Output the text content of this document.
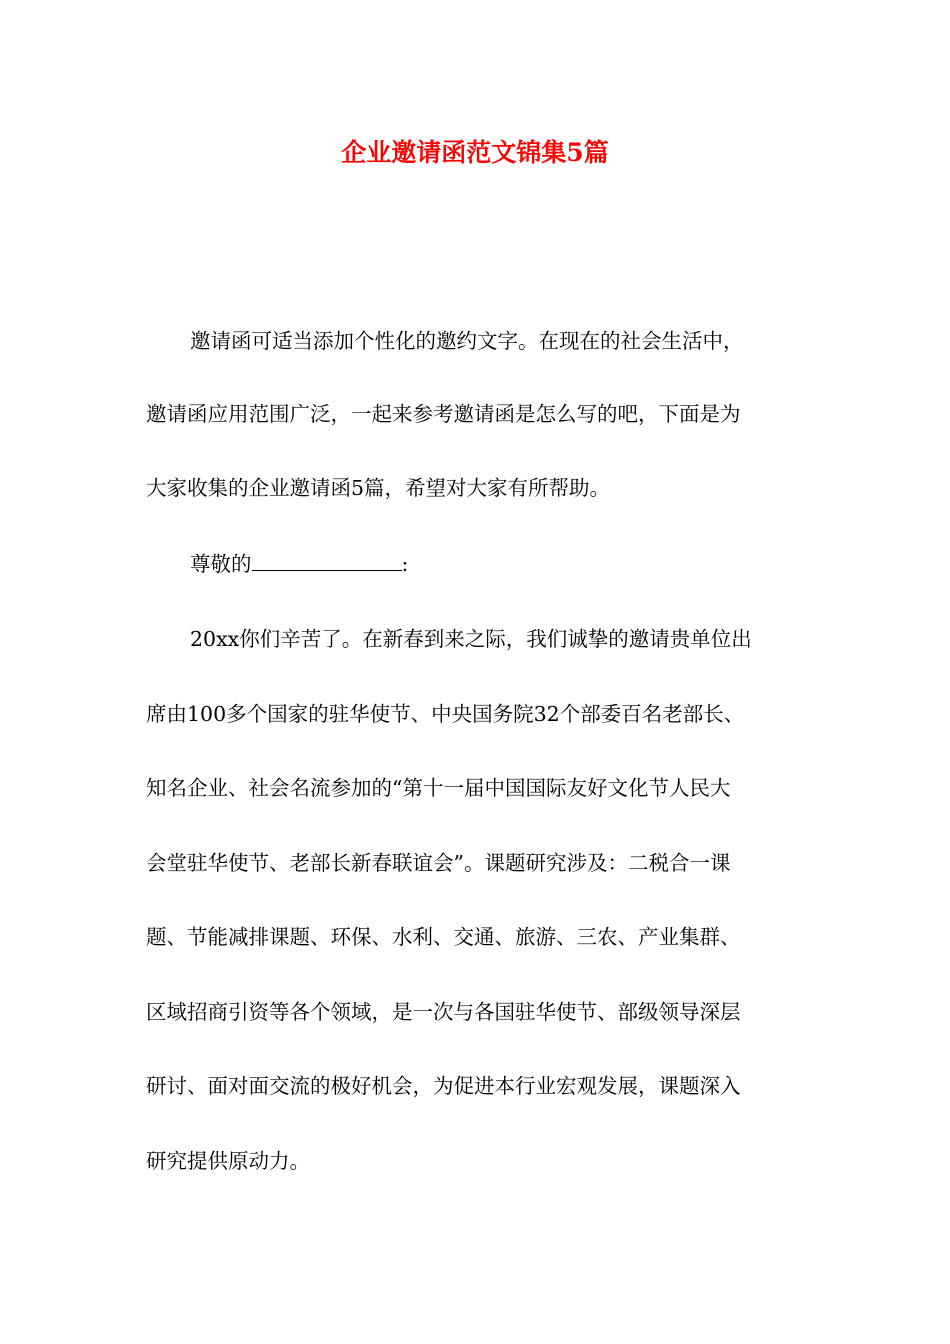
企业邀请函范文锦集5篇

邀请函可适当添加个性化的邀约文字。在现在的社会生活中，

邀请函应用范围广泛，一起来参考邀请函是怎么写的吧，下面是为

大家收集的企业邀请函5篇，希望对大家有所帮助。

尊敬的	:

20xx你们辛苦了。在新春到来之际，我们诚挚的邀请贵单位出

席由100多个国家的驻华使节、中央国务院32个部委百名老部长、

知名企业、社会名流参加的“第十一届中国国际友好文化节人民大

会堂驻华使节、老部长新春联谊会”。课题研究涉及：二税合一课

题、节能减排课题、环保、水利、交通、旅游、三农、产业集群、

区域招商引资等各个领域，是一次与各国驻华使节、部级领导深层

研讨、面对面交流的极好机会，为促进本行业宏观发展，课题深入

研究提供原动力。
